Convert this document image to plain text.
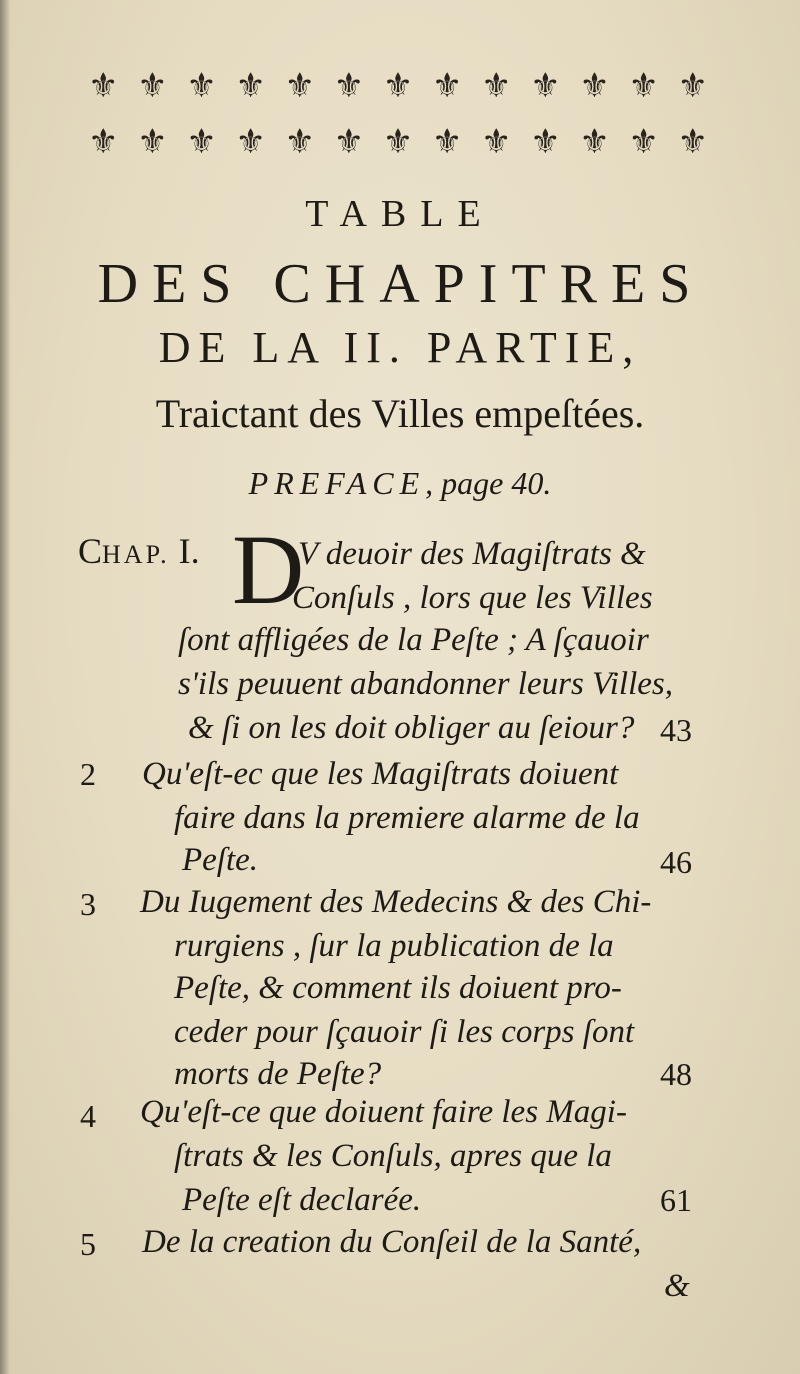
⚜ ⚜ ⚜ ⚜ ⚜ ⚜ ⚜ ⚜ ⚜ ⚜ ⚜ ⚜ ⚜
⚜ ⚜ ⚜ ⚜ ⚜ ⚜ ⚜ ⚜ ⚜ ⚜ ⚜ ⚜ ⚜
TABLE
DES CHAPITRES
DE LA II. PARTIE,
Traictant des Villes empeſtées.
PREFACE, page 40.
CHAP. I. D
V deuoir des Magiſtrats &
Conſuls , lors que les Villes
ſont affligées de la Peſte ; A ſçauoir
s'ils peuuent abandonner leurs Villes,
& ſi on les doit obliger au ſeiour? 43
2 Qu'eſt-ec que les Magiſtrats doiuent
faire dans la premiere alarme de la
Peſte.	46
3 Du Iugement des Medecins & des Chi-
rurgiens , ſur la publication de la
Peſte, & comment ils doiuent pro-
ceder pour ſçauoir ſi les corps ſont
morts de Peſte?	48
4 Qu'eſt-ce que doiuent faire les Magi-
ſtrats & les Conſuls, apres que la
Peſte eſt declarée.	61
5 De la creation du Conſeil de la Santé,
&
